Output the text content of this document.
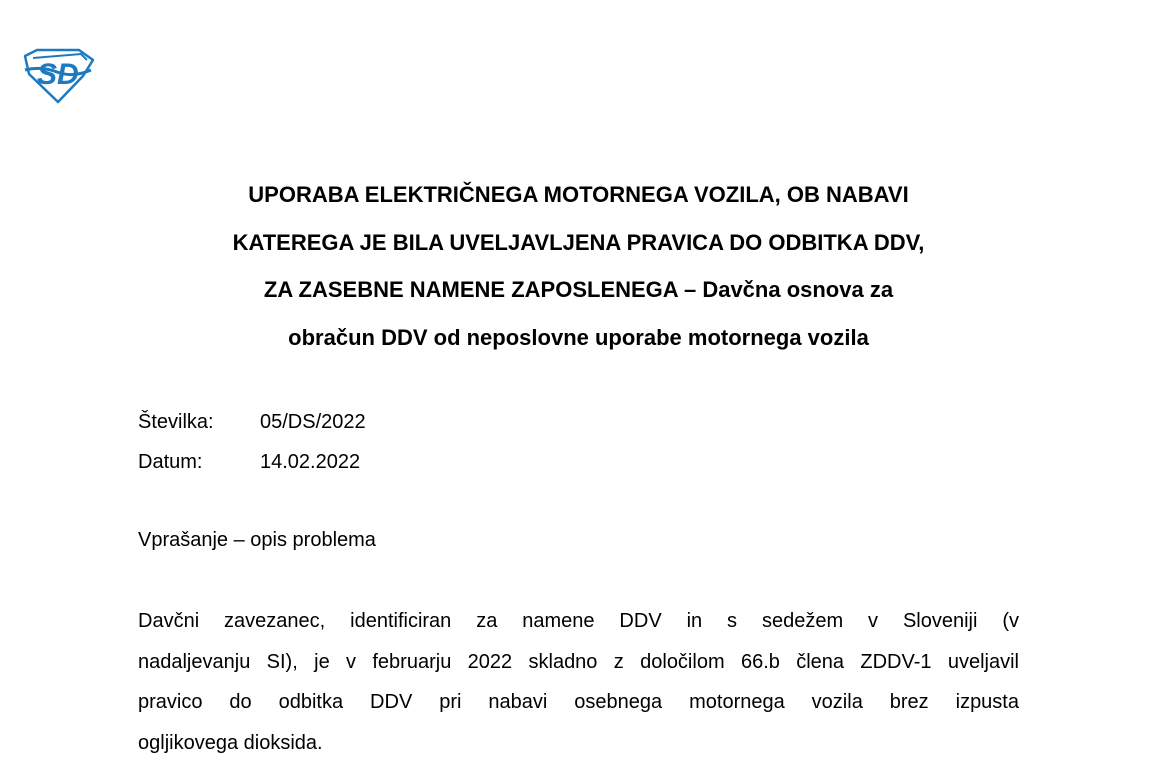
SD
UPORABA ELEKTRIČNEGA MOTORNEGA VOZILA, OB NABAVI
KATEREGA JE BILA UVELJAVLJENA PRAVICA DO ODBITKA DDV,
ZA ZASEBNE NAMENE ZAPOSLENEGA – Davčna osnova za
obračun DDV od neposlovne uporabe motornega vozila
Številka:	05/DS/2022
Datum:	14.02.2022
Vprašanje – opis problema
Davčni zavezanec, identificiran za namene DDV in s sedežem v Sloveniji (v
nadaljevanju SI), je v februarju 2022 skladno z določilom 66.b člena ZDDV-1 uveljavil
pravico do odbitka DDV pri nabavi osebnega motornega vozila brez izpusta
ogljikovega dioksida.
